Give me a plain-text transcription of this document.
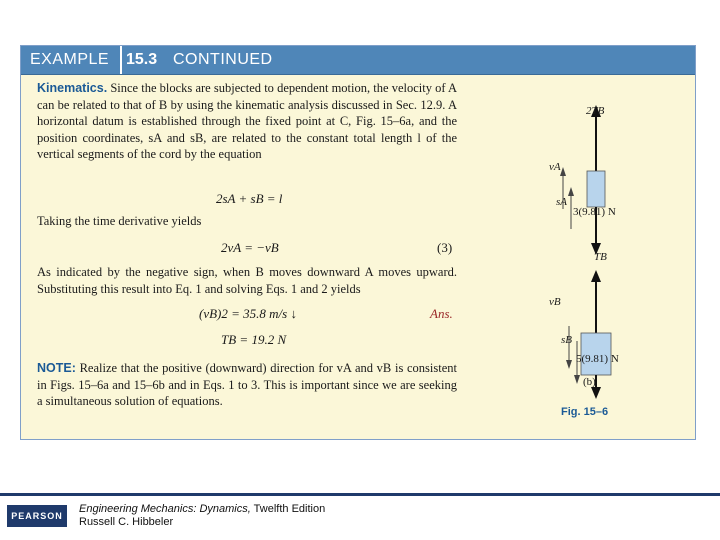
EXAMPLE 15.3 CONTINUED
Kinematics. Since the blocks are subjected to dependent motion, the velocity of A can be related to that of B by using the kinematic analysis discussed in Sec. 12.9. A horizontal datum is established through the fixed point at C, Fig. 15–6a, and the position coordinates, sA and sB, are related to the constant total length l of the vertical segments of the cord by the equation
2sA + sB = l
Taking the time derivative yields
2vA = −vB	(3)
As indicated by the negative sign, when B moves downward A moves upward. Substituting this result into Eq. 1 and solving Eqs. 1 and 2 yields
(vB)2 = 35.8 m/s ↓	Ans.
TB = 19.2 N
NOTE: Realize that the positive (downward) direction for vA and vB is consistent in Figs. 15–6a and 15–6b and in Eqs. 1 to 3. This is important since we are seeking a simultaneous solution of equations.
2TB
vA
sA
3(9.81) N
TB
vB
sB
5(9.81) N
(b)
Fig. 15–6
PEARSON
Engineering Mechanics: Dynamics, Twelfth Edition
Russell C. Hibbeler
